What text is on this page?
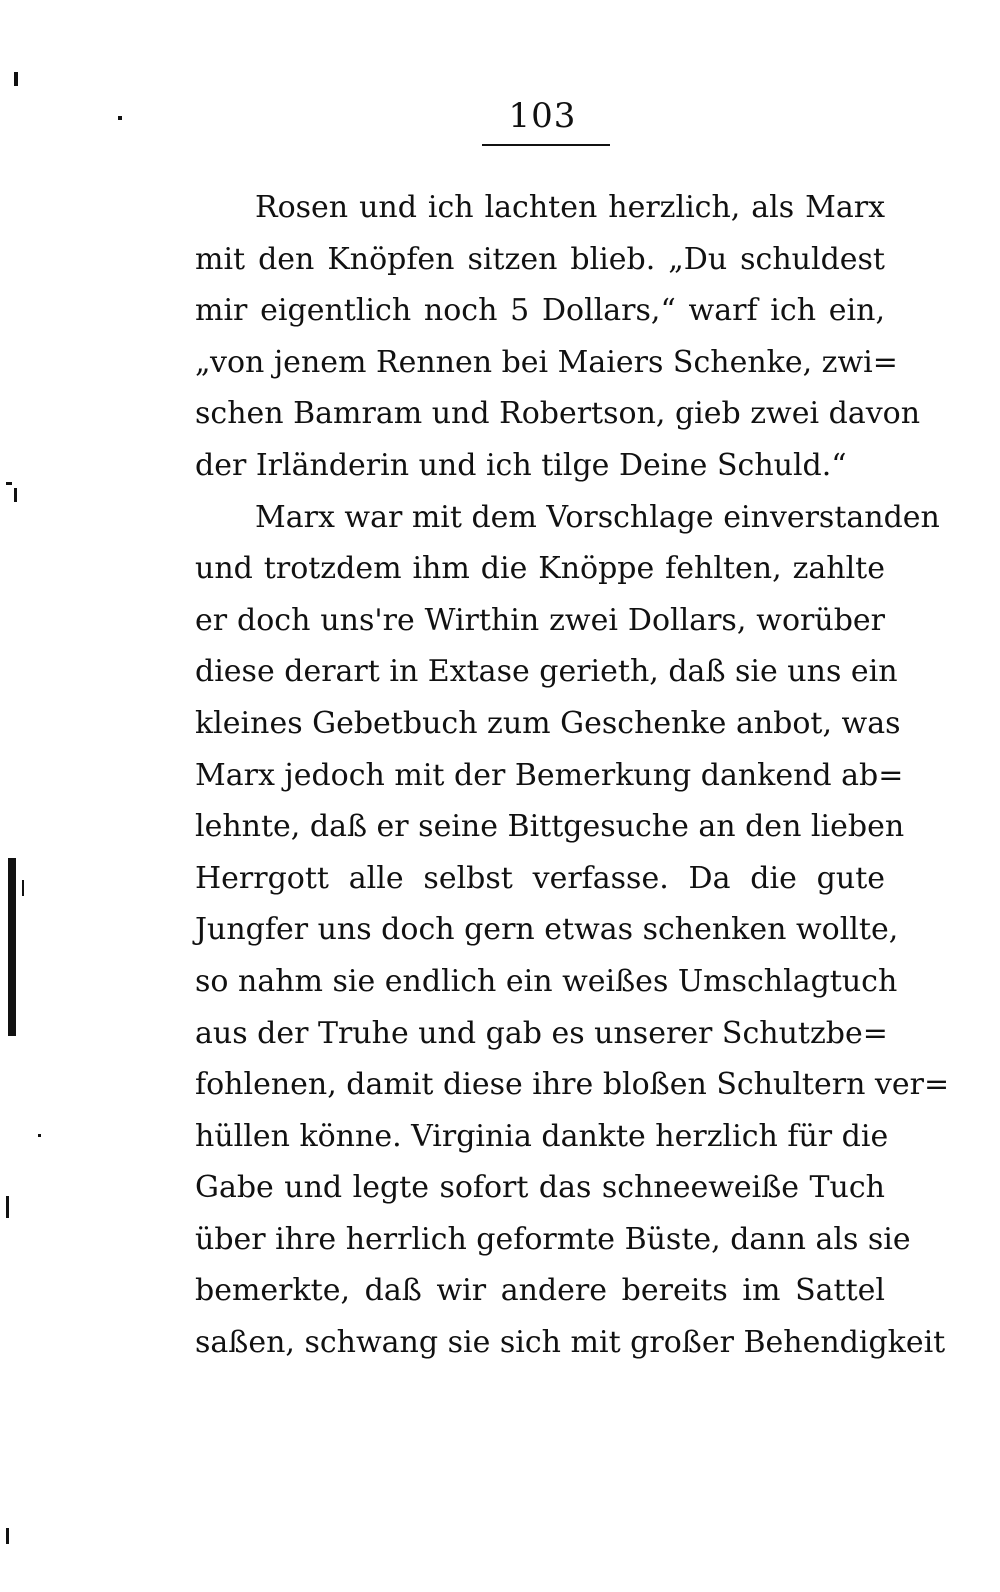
103
Rosen und ich lachten herzlich, als Marx
mit den Knöpfen sitzen blieb. „Du schuldest
mir eigentlich noch 5 Dollars,“ warf ich ein,
„von jenem Rennen bei Maiers Schenke, zwi=
schen Bamram und Robertson, gieb zwei davon
der Irländerin und ich tilge Deine Schuld.“
Marx war mit dem Vorschlage einverstanden
und trotzdem ihm die Knöppe fehlten, zahlte
er doch uns're Wirthin zwei Dollars, worüber
diese derart in Extase gerieth, daß sie uns ein
kleines Gebetbuch zum Geschenke anbot, was
Marx jedoch mit der Bemerkung dankend ab=
lehnte, daß er seine Bittgesuche an den lieben
Herrgott alle selbst verfasse. Da die gute
Jungfer uns doch gern etwas schenken wollte,
so nahm sie endlich ein weißes Umschlagtuch
aus der Truhe und gab es unserer Schutzbe=
fohlenen, damit diese ihre bloßen Schultern ver=
hüllen könne. Virginia dankte herzlich für die
Gabe und legte sofort das schneeweiße Tuch
über ihre herrlich geformte Büste, dann als sie
bemerkte, daß wir andere bereits im Sattel
saßen, schwang sie sich mit großer Behendigkeit
